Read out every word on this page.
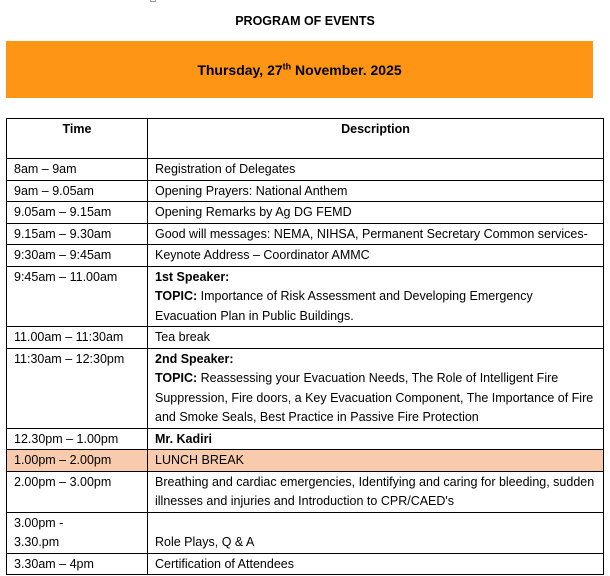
PROGRAM OF EVENTS
Thursday, 27th November. 2025
Time	Description
8am – 9am	Registration of Delegates

9am – 9.05am	Opening Prayers: National Anthem

9.05am – 9.15am	Opening Remarks by Ag DG FEMD

9.15am – 9.30am	Good will messages: NEMA, NIHSA, Permanent Secretary Common services-

9:30am – 9:45am	Keynote Address – Coordinator AMMC

9:45am – 11.00am	1st Speaker:
TOPIC: Importance of Risk Assessment and Developing Emergency Evacuation Plan in Public Buildings.

11.00am – 11:30am	Tea break

11:30am – 12:30pm	2nd Speaker:
TOPIC: Reassessing your Evacuation Needs, The Role of Intelligent Fire Suppression, Fire doors, a Key Evacuation Component, The Importance of Fire and Smoke Seals, Best Practice in Passive Fire Protection

12.30pm – 1.00pm	Mr. Kadiri

1.00pm – 2.00pm	LUNCH BREAK

2.00pm – 3.00pm	Breathing and cardiac emergencies, Identifying and caring for bleeding, sudden illnesses and injuries and Introduction to CPR/CAED's

3.00pm -
3.30.pm	Role Plays, Q & A

3.30am – 4pm	Certification of Attendees
